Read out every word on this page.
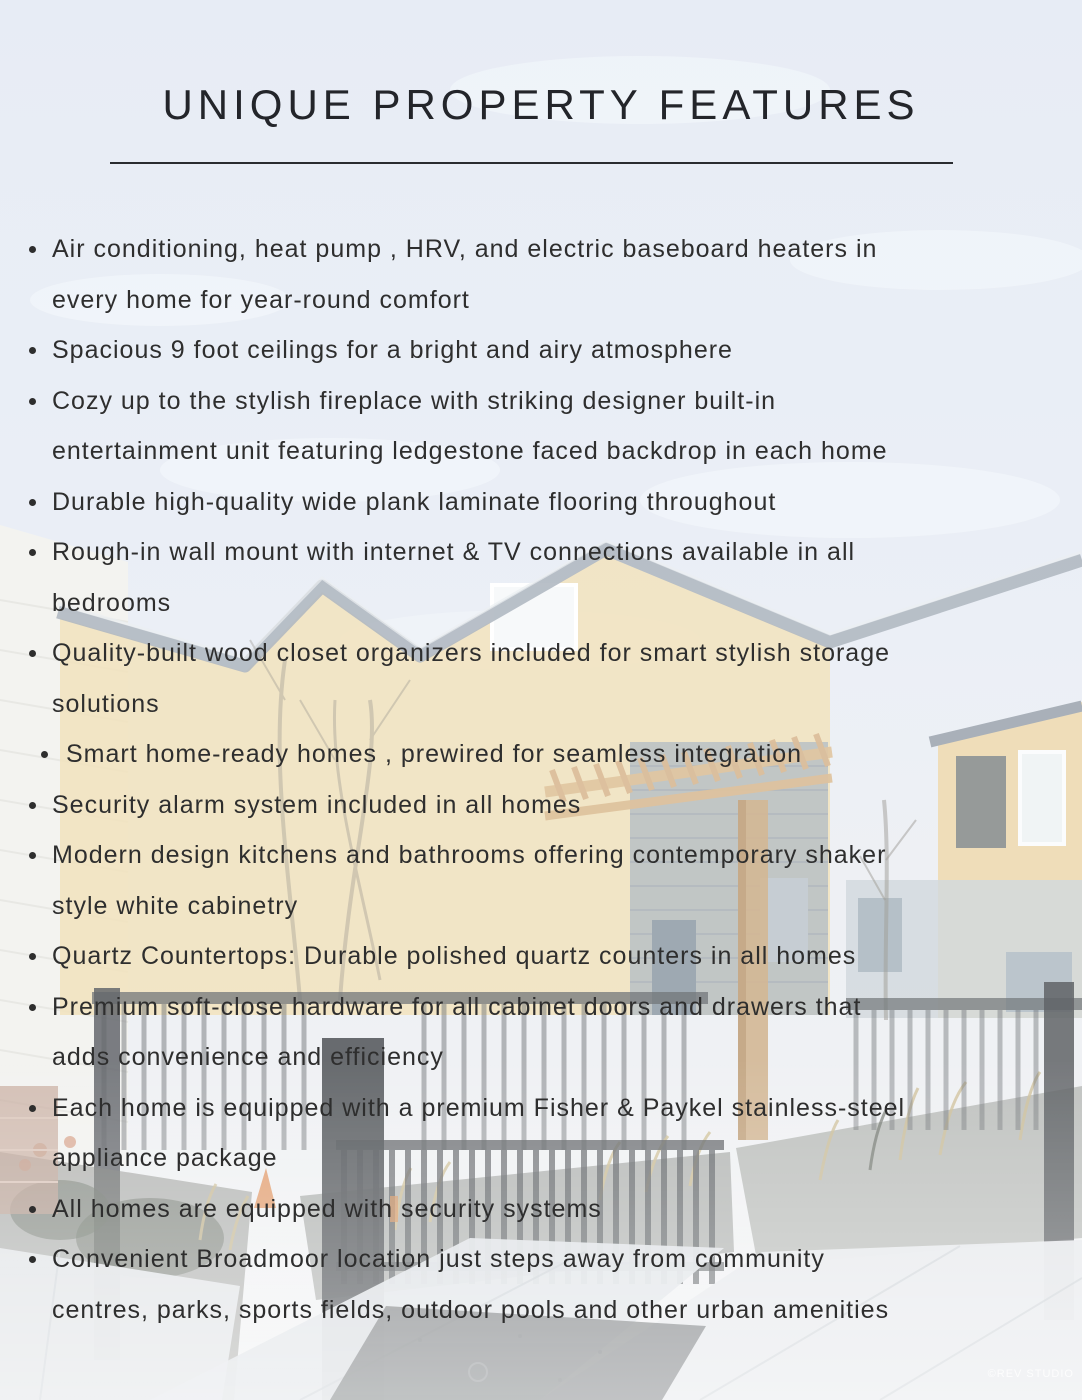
UNIQUE PROPERTY FEATURES
Air conditioning, heat pump , HRV, and electric baseboard heaters in
every home for year-round comfort
Spacious 9 foot ceilings for a bright and airy atmosphere
Cozy up to the stylish fireplace with striking designer built-in
entertainment unit featuring ledgestone faced backdrop in each home
Durable high-quality wide plank laminate flooring throughout
Rough-in wall mount with internet & TV connections available in all
bedrooms
Quality-built wood closet organizers included for smart stylish storage
solutions
Smart home-ready homes , prewired for seamless integration
Security alarm system included in all homes
Modern design kitchens and bathrooms offering contemporary shaker
style white cabinetry
Quartz Countertops: Durable polished quartz counters in all homes
Premium soft-close hardware for all cabinet doors and drawers that
adds convenience and efficiency
Each home is equipped with a premium Fisher & Paykel stainless-steel
appliance package
All homes are equipped with security systems
Convenient Broadmoor location just steps away from community
centres, parks, sports fields, outdoor pools and other urban amenities
©REV STUDIO
